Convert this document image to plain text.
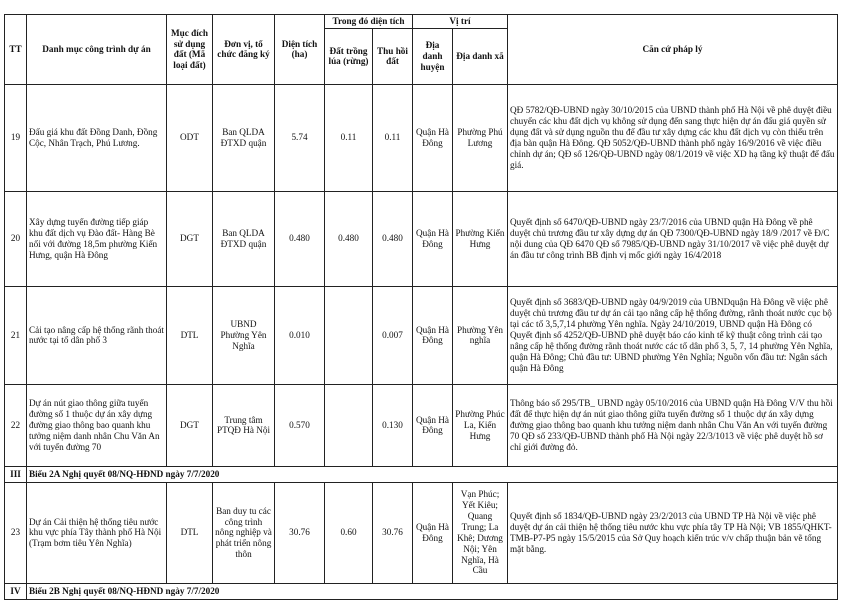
TT	Danh mục công trình dự án	Mục đích sử dụng đất (Mã loại đất)	Đơn vị, tổ chức đăng ký	Diện tích (ha)	Trong đó diện tích		Vị trí		Căn cứ pháp lý
					Đất trồng lúa (rừng)	Thu hồi đất	Địa danh huyện	Địa danh xã	
19	Đấu giá khu đất Đồng Danh, Đồng Cộc, Nhân Trạch, Phú Lương.	ODT	Ban QLDA ĐTXD quận	5.74	0.11	0.11	Quận Hà Đông	Phường Phú Lương	QĐ 5782/QĐ-UBND ngày 30/10/2015 của UBND thành phố Hà Nội về phê duyệt điều chuyển các khu đất dịch vụ không sử dụng đến sang thực hiện dự án đấu giá quyền sử dụng đất và sử dụng nguồn thu để đầu tư xây dựng các khu đất dịch vụ còn thiếu trên địa bàn quận Hà Đông. QĐ 5052/QĐ-UBND thành phố ngày 16/9/2016 về việc điều chỉnh dự án; QĐ số 126/QĐ-UBND ngày 08/1/2019 về việc XD hạ tầng kỹ thuật để đấu giá.
20	Xây dựng tuyến đường tiếp giáp khu đất dịch vụ Đào đất- Hàng Bè nối với đường 18,5m phường Kiến Hưng, quận Hà Đông	DGT	Ban QLDA ĐTXD quận	0.480	0.480	0.480	Quận Hà Đông	Phường Kiến Hưng	Quyết định số 6470/QĐ-UBND ngày 23/7/2016 của UBND quận Hà Đông về phê duyệt chủ trương đầu tư xây dựng dự án QĐ 7300/QĐ-UBND ngày 18/9 /2017 về Đ/C nội dung của QĐ 6470 QĐ số 7985/QĐ-UBND ngày 31/10/2017 về việc phê duyệt dự án đầu tư công trình BB định vị mốc giới ngày 16/4/2018
21	Cải tạo nâng cấp hệ thống rãnh thoát nước tại tổ dân phố 3	DTL	UBND Phường Yên Nghĩa	0.010		0.007	Quận Hà Đông	Phường Yên nghĩa	Quyết định số 3683/QĐ-UBND ngày 04/9/2019 của UBNDquận Hà Đông về việc phê duyệt chủ trương đầu tư dự án cải tạo nâng cấp hệ thống đường, rãnh thoát nước cục bộ tại các tổ 3,5,7,14 phường Yên nghĩa. Ngày 24/10/2019, UBND quận Hà Đông có Quyết định số 4252/QĐ-UBND phê duyệt báo cáo kinh tế kỹ thuật công trình cải tạo nâng cấp hệ thống đường rãnh thoát nước các tổ dân phố 3, 5, 7, 14 phường Yên Nghĩa, quận Hà Đông; Chủ đầu tư: UBND phường Yên Nghĩa; Nguồn vốn đầu tư: Ngân sách quận Hà Đông
22	Dự án nút giao thông giữa tuyến đường số 1 thuộc dự án xây dựng đường giao thông bao quanh khu tưởng niệm danh nhân Chu Văn An với tuyến đường 70	DGT	Trung tâm PTQĐ Hà Nội	0.570		0.130	Quận Hà Đông	Phường Phúc La, Kiến Hưng	Thông báo số 295/TB_ UBND ngày 05/10/2016 của UBND quận Hà Đông V/V thu hồi đất để thực hiện dự án nút giao thông giữa tuyến đường số 1 thuộc dự án xây dựng đường giao thông bao quanh khu tưởng niệm danh nhân Chu Văn An với tuyến đường 70 QĐ số 233/QĐ-UBND thành phố Hà Nội ngày 22/3/1013 về việc phê duyệt hồ sơ chỉ giới đường đỏ.
III	Biểu 2A Nghị quyết 08/NQ-HĐND ngày 7/7/2020								
23	Dự án Cải thiện hệ thống tiêu nước khu vực phía Tây thành phố Hà Nội (Trạm bơm tiêu Yên Nghĩa)	DTL	Ban duy tu các công trình nông nghiệp và phát triển nông thôn	30.76	0.60	30.76	Quận Hà Đông	Vạn Phúc; Yết Kiêu; Quang Trung; La Khê; Dương Nội; Yên Nghĩa, Hà Cầu	Quyết định số 1834/QĐ-UBND ngày 23/2/2013 của UBND TP Hà Nội về việc phê duyệt dự án cải thiện hệ thống tiêu nước khu vực phía tây TP Hà Nội; VB 1855/QHKT-TMB-P7-P5 ngày 15/5/2015 của Sở Quy hoạch kiến trúc v/v chấp thuận bản vẽ tổng mặt bằng.
IV	Biểu 2B Nghị quyết 08/NQ-HĐND ngày 7/7/2020								
